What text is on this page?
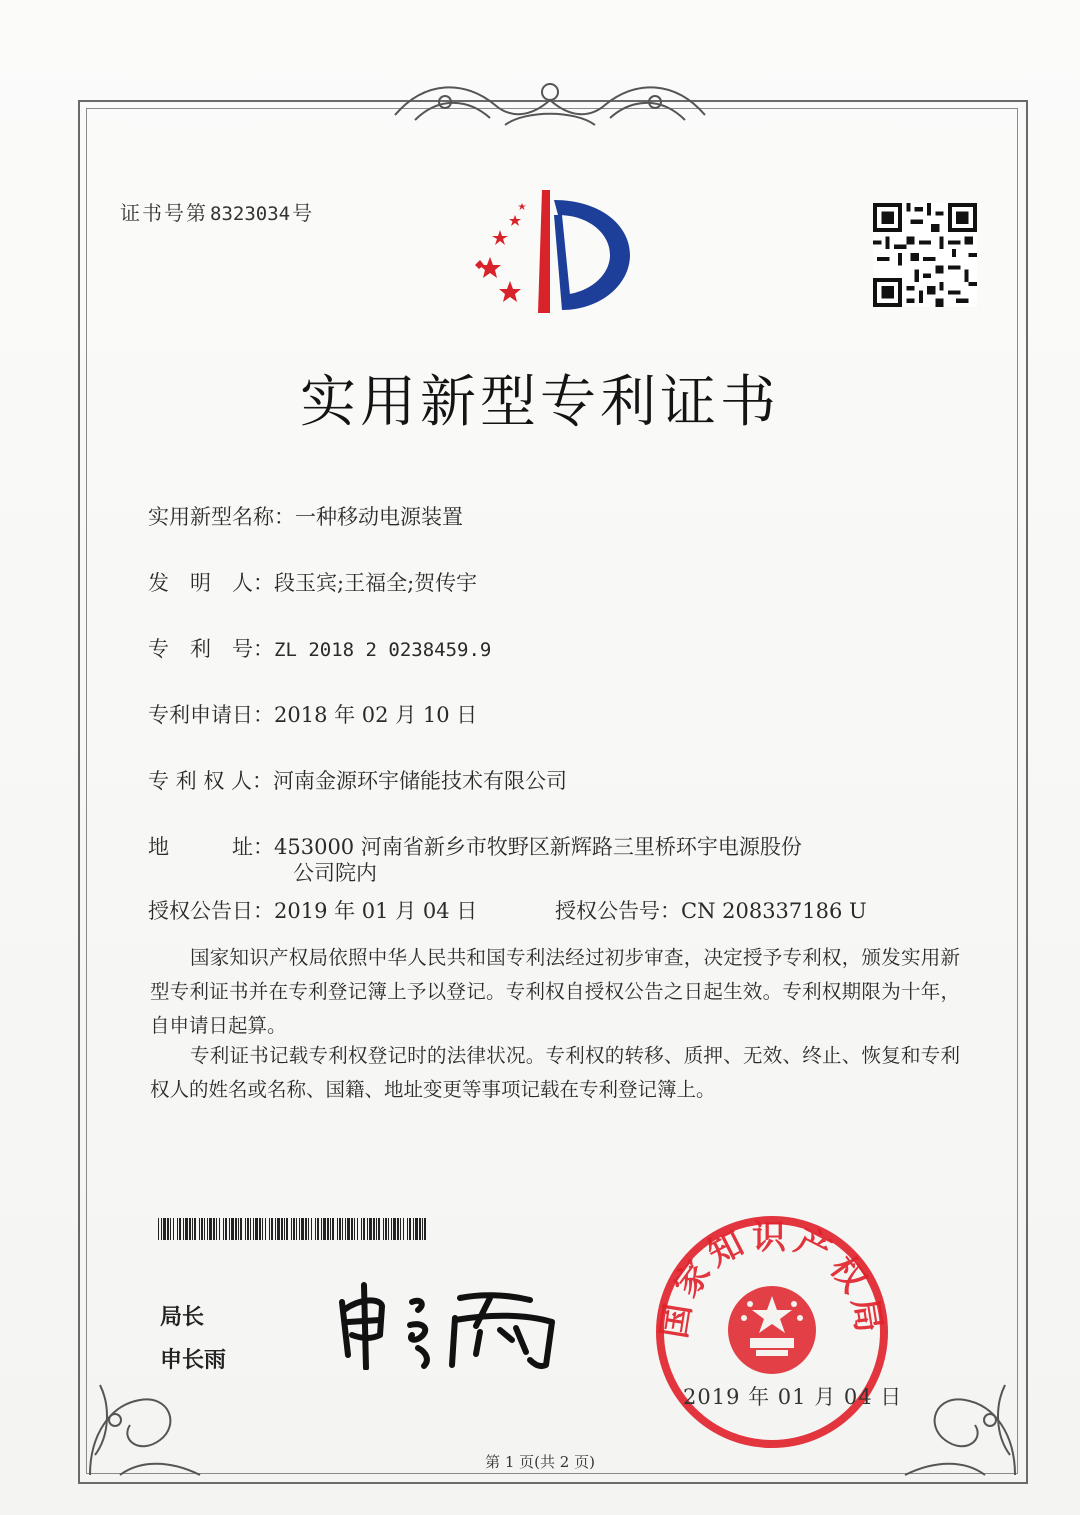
证书号第 8323034 号
实用新型专利证书
实用新型名称：一种移动电源装置
发　明　人：段玉宾;王福全;贺传宇
专　利　号：ZL 2018 2 0238459.9
专利申请日：2018 年 02 月 10 日
专 利 权 人：河南金源环宇储能技术有限公司
地　　　址：453000 河南省新乡市牧野区新辉路三里桥环宇电源股份
公司院内
授权公告日：2019 年 01 月 04 日	授权公告号：CN 208337186 U
国家知识产权局依照中华人民共和国专利法经过初步审查，决定授予专利权，颁发实用新型专利证书并在专利登记簿上予以登记。专利权自授权公告之日起生效。专利权期限为十年，自申请日起算。
专利证书记载专利权登记时的法律状况。专利权的转移、质押、无效、终止、恢复和专利权人的姓名或名称、国籍、地址变更等事项记载在专利登记簿上。
局长
申长雨
国家知识产权局
2019 年 01 月 04 日
第 1 页(共 2 页)
